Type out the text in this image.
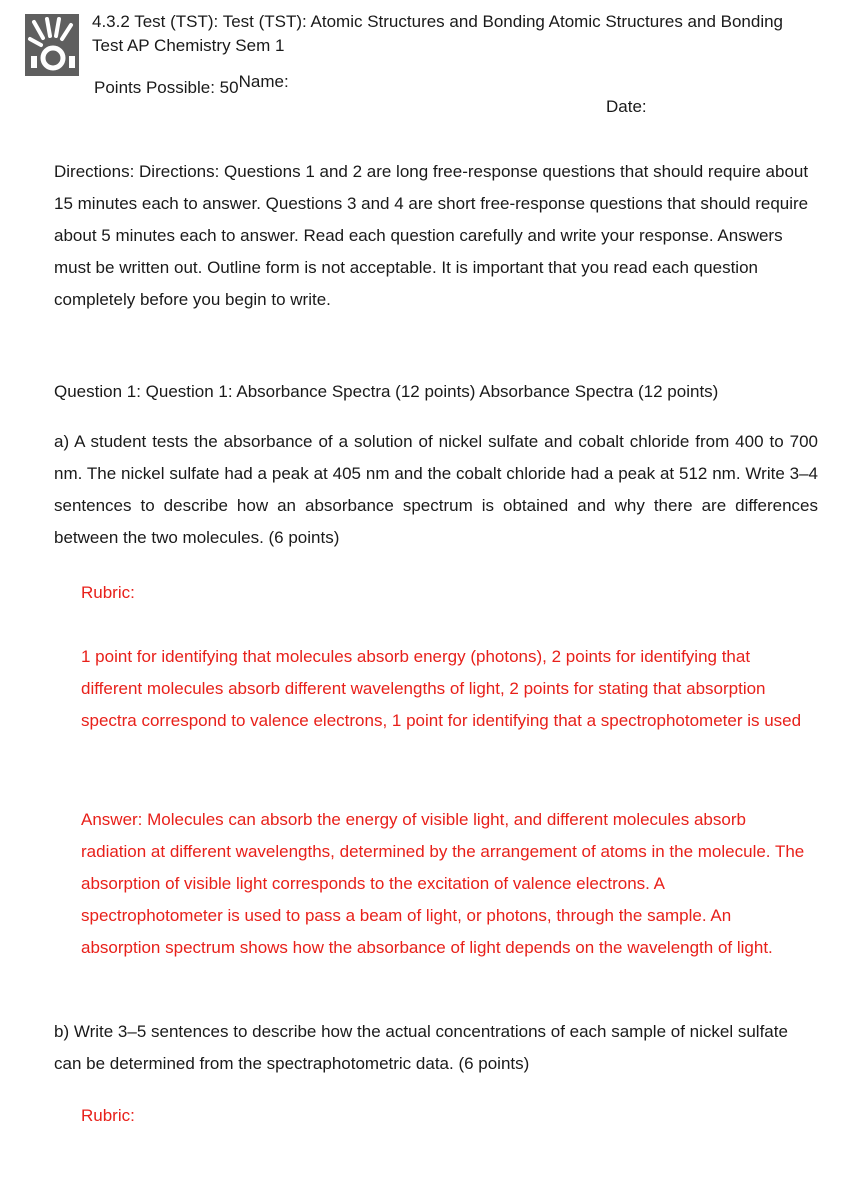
4.3.2 Test (TST): Test (TST): Atomic Structures and Bonding Atomic Structures and Bonding Test AP Chemistry Sem 1
Points Possible: 50Name:
Date:

Directions: Directions: Questions 1 and 2 are long free-response questions that should require about 15 minutes each to answer. Questions 3 and 4 are short free-response questions that should require about 5 minutes each to answer. Read each question carefully and write your response. Answers must be written out. Outline form is not acceptable. It is important that you read each question completely before you begin to write.

Question 1: Question 1: Absorbance Spectra (12 points) Absorbance Spectra (12 points)

a) A student tests the absorbance of a solution of nickel sulfate and cobalt chloride from 400 to 700 nm. The nickel sulfate had a peak at 405 nm and the cobalt chloride had a peak at 512 nm. Write 3–4 sentences to describe how an absorbance spectrum is obtained and why there are differences between the two molecules. (6 points)

Rubric:

1 point for identifying that molecules absorb energy (photons), 2 points for identifying that different molecules absorb different wavelengths of light, 2 points for stating that absorption spectra correspond to valence electrons, 1 point for identifying that a spectrophotometer is used

Answer: Molecules can absorb the energy of visible light, and different molecules absorb radiation at different wavelengths, determined by the arrangement of atoms in the molecule. The absorption of visible light corresponds to the excitation of valence electrons. A spectrophotometer is used to pass a beam of light, or photons, through the sample. An absorption spectrum shows how the absorbance of light depends on the wavelength of light.

b) Write 3–5 sentences to describe how the actual concentrations of each sample of nickel sulfate can be determined from the spectraphotometric data. (6 points)

Rubric:
